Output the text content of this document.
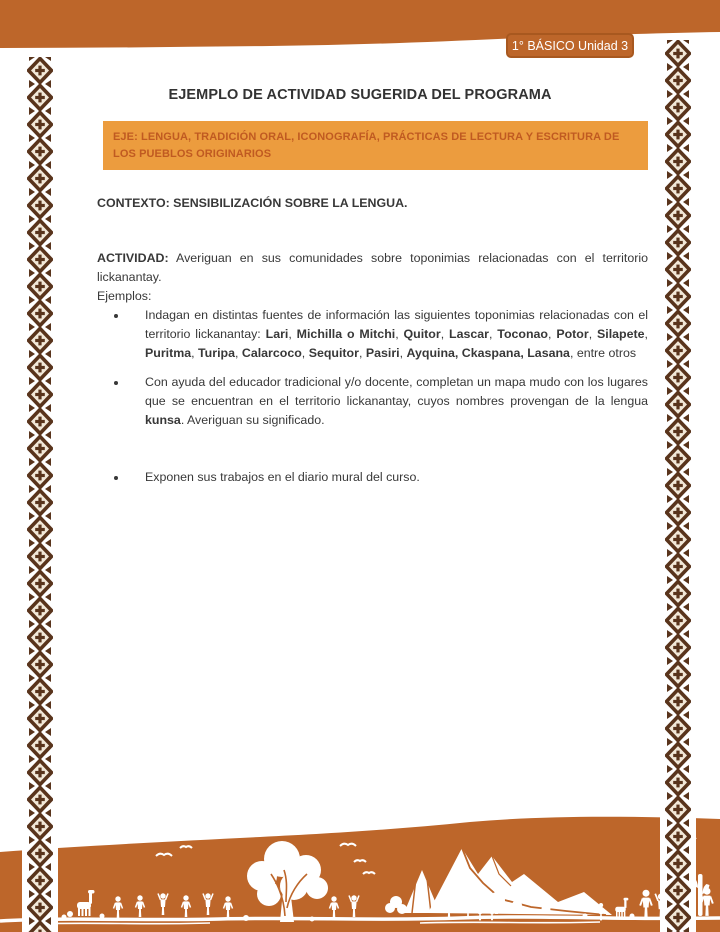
1° BÁSICO Unidad 3
EJEMPLO DE ACTIVIDAD SUGERIDA DEL PROGRAMA
EJE: LENGUA, TRADICIÓN ORAL, ICONOGRAFÍA, PRÁCTICAS DE LECTURA Y ESCRITURA DE LOS PUEBLOS ORIGINARIOS
CONTEXTO: SENSIBILIZACIÓN SOBRE LA LENGUA.

ACTIVIDAD: Averiguan en sus comunidades sobre toponimias relacionadas con el territorio lickanantay.

Ejemplos:

• Indagan en distintas fuentes de información las siguientes toponimias relacionadas con el territorio lickanantay: Lari, Michilla o Mitchi, Quitor, Lascar, Toconao, Potor, Silapete, Puritma, Turipa, Calarcoco, Sequitor, Pasiri, Ayquina, Ckaspana, Lasana, entre otros
• Con ayuda del educador tradicional y/o docente, completan un mapa mudo con los lugares que se encuentran en el territorio lickanantay, cuyos nombres provengan de la lengua kunsa. Averiguan su significado.
• Exponen sus trabajos en el diario mural del curso.
